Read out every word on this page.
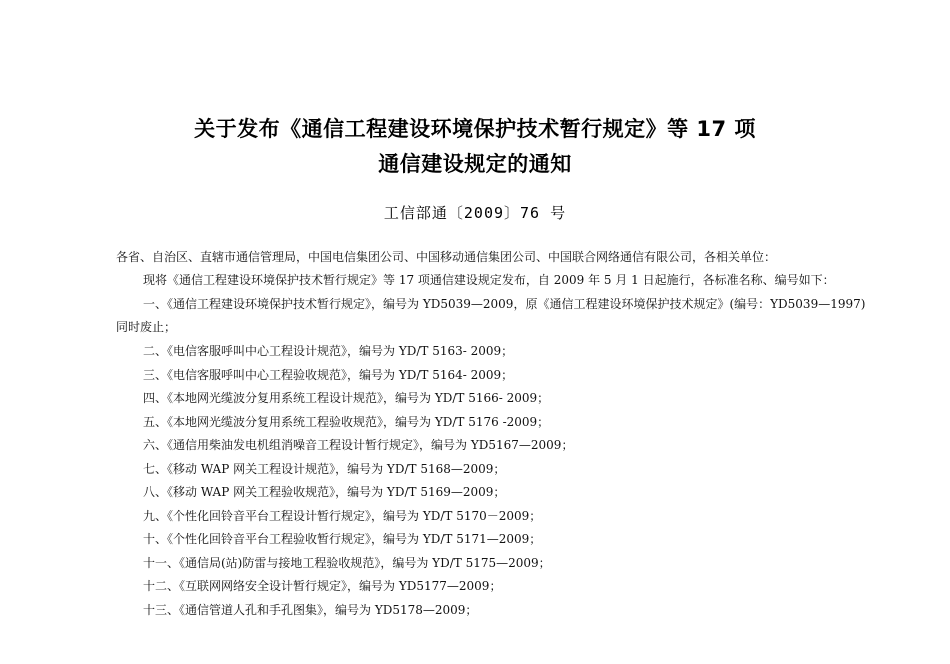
关于发布《通信工程建设环境保护技术暂行规定》等 17 项
通信建设规定的通知
工信部通〔2009〕76 号
各省、自治区、直辖市通信管理局，中国电信集团公司、中国移动通信集团公司、中国联合网络通信有限公司，各相关单位：
现将《通信工程建设环境保护技术暂行规定》等 17 项通信建设规定发布，自 2009 年 5 月 1 日起施行，各标准名称、编号如下：
一、《通信工程建设环境保护技术暂行规定》，编号为 YD5039—2009，原《通信工程建设环境保护技术规定》(编号：YD5039—1997)
同时废止；
二、《电信客服呼叫中心工程设计规范》，编号为 YD/T 5163- 2009；
三、《电信客服呼叫中心工程验收规范》，编号为 YD/T 5164- 2009；
四、《本地网光缆波分复用系统工程设计规范》，编号为 YD/T 5166- 2009；
五、《本地网光缆波分复用系统工程验收规范》，编号为 YD/T 5176 -2009；
六、《通信用柴油发电机组消噪音工程设计暂行规定》，编号为 YD5167—2009；
七、《移动 WAP 网关工程设计规范》，编号为 YD/T 5168—2009；
八、《移动 WAP 网关工程验收规范》，编号为 YD/T 5169—2009；
九、《个性化回铃音平台工程设计暂行规定》，编号为 YD/T 5170－2009；
十、《个性化回铃音平台工程验收暂行规定》，编号为 YD/T 5171—2009；
十一、《通信局(站)防雷与接地工程验收规范》，编号为 YD/T 5175—2009；
十二、《互联网网络安全设计暂行规定》，编号为 YD5177—2009；
十三、《通信管道人孔和手孔图集》，编号为 YD5178—2009；
